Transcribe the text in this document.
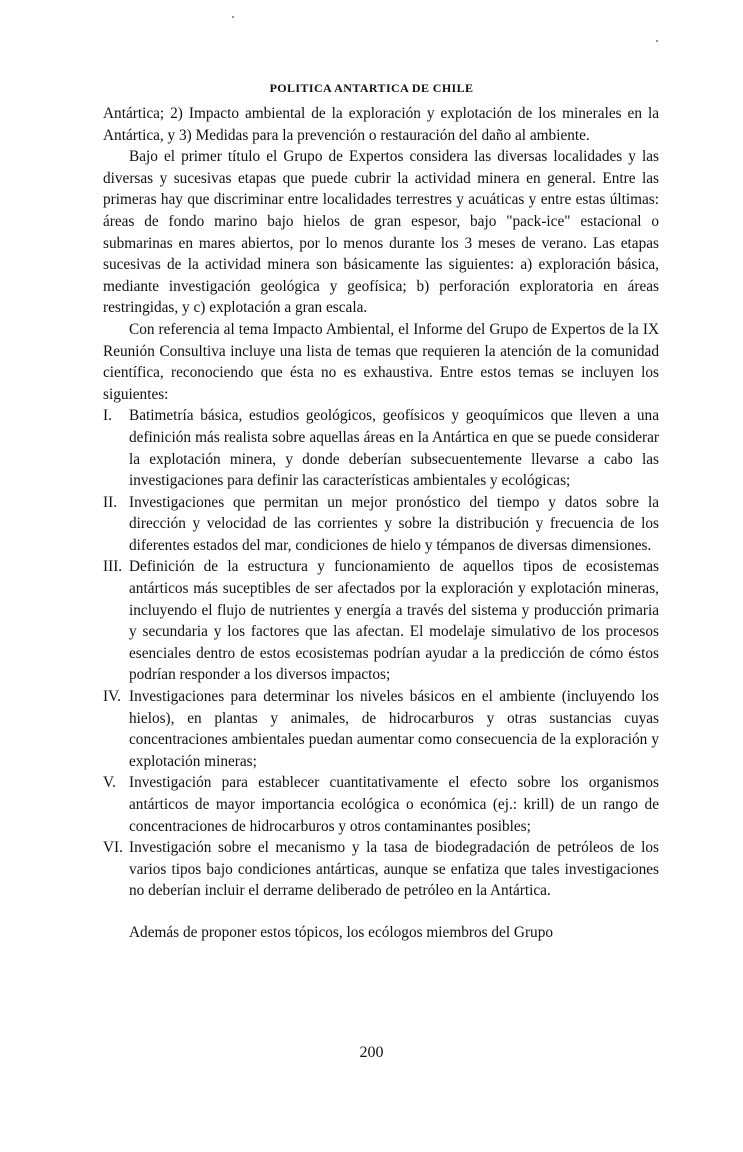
POLITICA ANTARTICA DE CHILE

Antártica; 2) Impacto ambiental de la exploración y explotación de los minerales en la Antártica, y 3) Medidas para la prevención o restauración del daño al ambiente.

Bajo el primer título el Grupo de Expertos considera las diversas localidades y las diversas y sucesivas etapas que puede cubrir la actividad minera en general. Entre las primeras hay que discriminar entre localidades terrestres y acuáticas y entre estas últimas: áreas de fondo marino bajo hielos de gran espesor, bajo "pack-ice" estacional o submarinas en mares abiertos, por lo menos durante los 3 meses de verano. Las etapas sucesivas de la actividad minera son básicamente las siguientes: a) exploración básica, mediante investigación geológica y geofísica; b) perforación exploratoria en áreas restringidas, y c) explotación a gran escala.

Con referencia al tema Impacto Ambiental, el Informe del Grupo de Expertos de la IX Reunión Consultiva incluye una lista de temas que requieren la atención de la comunidad científica, reconociendo que ésta no es exhaustiva. Entre estos temas se incluyen los siguientes:

I.	Batimetría básica, estudios geológicos, geofísicos y geoquímicos que lleven a una definición más realista sobre aquellas áreas en la Antártica en que se puede considerar la explotación minera, y donde deberían subsecuentemente llevarse a cabo las investigaciones para definir las características ambientales y ecológicas;
II. Investigaciones que permitan un mejor pronóstico del tiempo y datos sobre la dirección y velocidad de las corrientes y sobre la distribución y frecuencia de los diferentes estados del mar, condiciones de hielo y témpanos de diversas dimensiones.
III. Definición de la estructura y funcionamiento de aquellos tipos de ecosistemas antárticos más suceptibles de ser afectados por la exploración y explotación mineras, incluyendo el flujo de nutrientes y energía a través del sistema y producción primaria y secundaria y los factores que las afectan. El modelaje simulativo de los procesos esenciales dentro de estos ecosistemas podrían ayudar a la predicción de cómo éstos podrían responder a los diversos impactos;
IV. Investigaciones para determinar los niveles básicos en el ambiente (incluyendo los hielos), en plantas y animales, de hidrocarburos y otras sustancias cuyas concentraciones ambientales puedan aumentar como consecuencia de la exploración y explotación mineras;
V. Investigación para establecer cuantitativamente el efecto sobre los organismos antárticos de mayor importancia ecológica o económica (ej.: krill) de un rango de concentraciones de hidrocarburos y otros contaminantes posibles;
VI. Investigación sobre el mecanismo y la tasa de biodegradación de petróleos de los varios tipos bajo condiciones antárticas, aunque se enfatiza que tales investigaciones no deberían incluir el derrame deliberado de petróleo en la Antártica.

Además de proponer estos tópicos, los ecólogos miembros del Grupo

200
